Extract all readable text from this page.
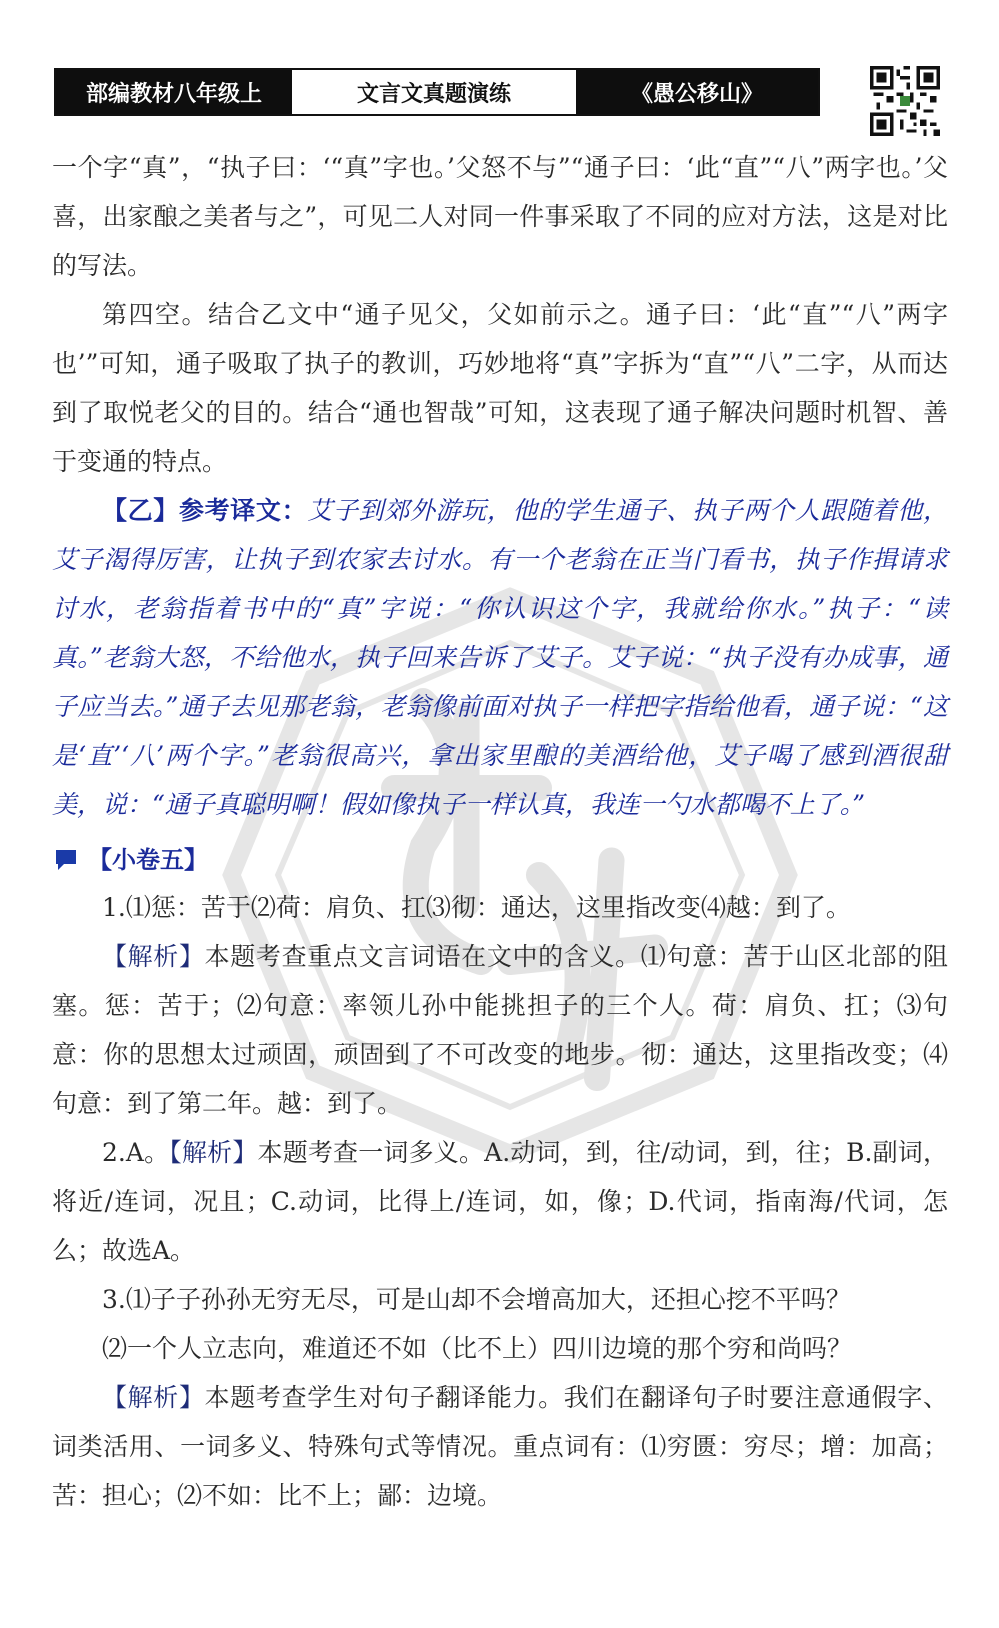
部编教材八年级上	文言文真题演练	《愚公移山》

一个字“真”，“执子曰：‘“真”字也。’父怒不与”“通子曰：‘此“直”“八”两字也。’父喜，出家酿之美者与之”，可见二人对同一件事采取了不同的应对方法，这是对比的写法。

第四空。结合乙文中“通子见父，父如前示之。通子曰：‘此“直”“八”两字也’”可知，通子吸取了执子的教训，巧妙地将“真”字拆为“直”“八”二字，从而达到了取悦老父的目的。结合“通也智哉”可知，这表现了通子解决问题时机智、善于变通的特点。

【乙】参考译文：艾子到郊外游玩，他的学生通子、执子两个人跟随着他，艾子渴得厉害，让执子到农家去讨水。有一个老翁在正当门看书，执子作揖请求讨水，老翁指着书中的“真”字说：“你认识这个字，我就给你水。”执子：“读真。”老翁大怒，不给他水，执子回来告诉了艾子。艾子说：“执子没有办成事，通子应当去。”通子去见那老翁，老翁像前面对执子一样把字指给他看，通子说：“这是‘直’‘八’两个字。”老翁很高兴，拿出家里酿的美酒给他，艾子喝了感到酒很甜美，说：“通子真聪明啊！假如像执子一样认真，我连一勺水都喝不上了。”

【小卷五】

1.⑴惩：苦于⑵荷：肩负、扛⑶彻：通达，这里指改变⑷越：到了。

【解析】本题考查重点文言词语在文中的含义。⑴句意：苦于山区北部的阻塞。惩：苦于；⑵句意：率领儿孙中能挑担子的三个人。荷：肩负、扛；⑶句意：你的思想太过顽固，顽固到了不可改变的地步。彻：通达，这里指改变；⑷句意：到了第二年。越：到了。

2.A。【解析】本题考查一词多义。A.动词，到，往/动词，到，往；B.副词，将近/连词，况且；C.动词，比得上/连词，如，像；D.代词，指南海/代词，怎么；故选A。

3.⑴子子孙孙无穷无尽，可是山却不会增高加大，还担心挖不平吗？

⑵一个人立志向，难道还不如（比不上）四川边境的那个穷和尚吗？

【解析】本题考查学生对句子翻译能力。我们在翻译句子时要注意通假字、词类活用、一词多义、特殊句式等情况。重点词有：⑴穷匮：穷尽；增：加高；苦：担心；⑵不如：比不上；鄙：边境。
